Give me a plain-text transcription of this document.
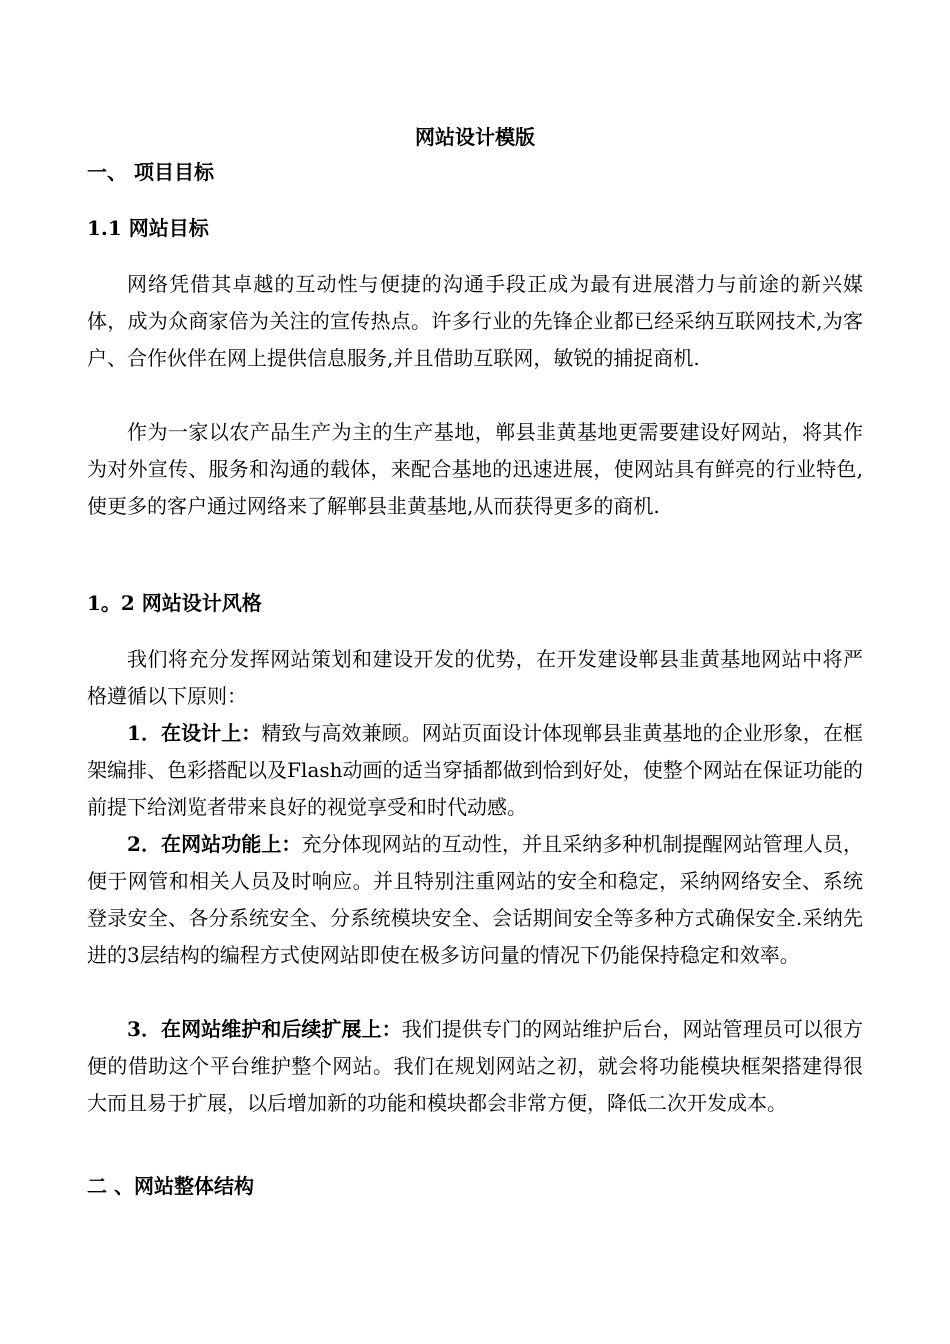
网站设计模版
一、 项目目标
1.1 网站目标
网络凭借其卓越的互动性与便捷的沟通手段正成为最有进展潜力与前途的新兴媒体，成为众商家倍为关注的宣传热点。许多行业的先锋企业都已经采纳互联网技术,为客户、合作伙伴在网上提供信息服务,并且借助互联网，敏锐的捕捉商机.
作为一家以农产品生产为主的生产基地，郸县韭黄基地更需要建设好网站，将其作为对外宣传、服务和沟通的载体，来配合基地的迅速进展，使网站具有鲜亮的行业特色,使更多的客户通过网络来了解郸县韭黄基地,从而获得更多的商机.
1。2 网站设计风格
我们将充分发挥网站策划和建设开发的优势，在开发建设郸县韭黄基地网站中将严格遵循以下原则：
1．在设计上：精致与高效兼顾。网站页面设计体现郸县韭黄基地的企业形象，在框架编排、色彩搭配以及Flash动画的适当穿插都做到恰到好处，使整个网站在保证功能的前提下给浏览者带来良好的视觉享受和时代动感。
2．在网站功能上：充分体现网站的互动性，并且采纳多种机制提醒网站管理人员，便于网管和相关人员及时响应。并且特别注重网站的安全和稳定，采纳网络安全、系统登录安全、各分系统安全、分系统模块安全、会话期间安全等多种方式确保安全.采纳先进的3层结构的编程方式使网站即使在极多访问量的情况下仍能保持稳定和效率。
3．在网站维护和后续扩展上：我们提供专门的网站维护后台，网站管理员可以很方便的借助这个平台维护整个网站。我们在规划网站之初，就会将功能模块框架搭建得很大而且易于扩展，以后增加新的功能和模块都会非常方便，降低二次开发成本。
二 、网站整体结构
